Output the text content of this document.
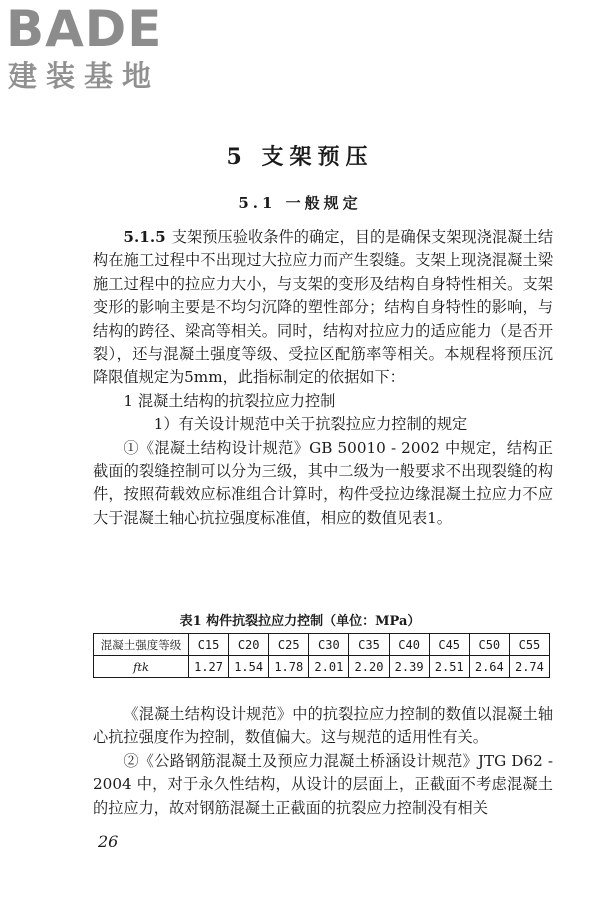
BADE
建装基地
5 支架预压
5.1 一般规定

5.1.5 支架预压验收条件的确定，目的是确保支架现浇混凝土结构在施工过程中不出现过大拉应力而产生裂缝。支架上现浇混凝土梁施工过程中的拉应力大小，与支架的变形及结构自身特性相关。支架变形的影响主要是不均匀沉降的塑性部分；结构自身特性的影响，与结构的跨径、梁高等相关。同时，结构对拉应力的适应能力（是否开裂），还与混凝土强度等级、受拉区配筋率等相关。本规程将预压沉降限值规定为5mm，此指标制定的依据如下：

1 混凝土结构的抗裂拉应力控制

1）有关设计规范中关于抗裂拉应力控制的规定

①《混凝土结构设计规范》GB 50010 - 2002 中规定，结构正截面的裂缝控制可以分为三级，其中二级为一般要求不出现裂缝的构件，按照荷载效应标准组合计算时，构件受拉边缘混凝土拉应力不应大于混凝土轴心抗拉强度标准值，相应的数值见表1。

表1 构件抗裂拉应力控制（单位：MPa）
混凝土强度等级	C15	C20	C25	C30	C35	C40	C45	C50	C55
ftk	1.27	1.54	1.78	2.01	2.20	2.39	2.51	2.64	2.74

《混凝土结构设计规范》中的抗裂拉应力控制的数值以混凝土轴心抗拉强度作为控制，数值偏大。这与规范的适用性有关。

②《公路钢筋混凝土及预应力混凝土桥涵设计规范》JTG D62 - 2004 中，对于永久性结构，从设计的层面上，正截面不考虑混凝土的拉应力，故对钢筋混凝土正截面的抗裂应力控制没有相关

26
